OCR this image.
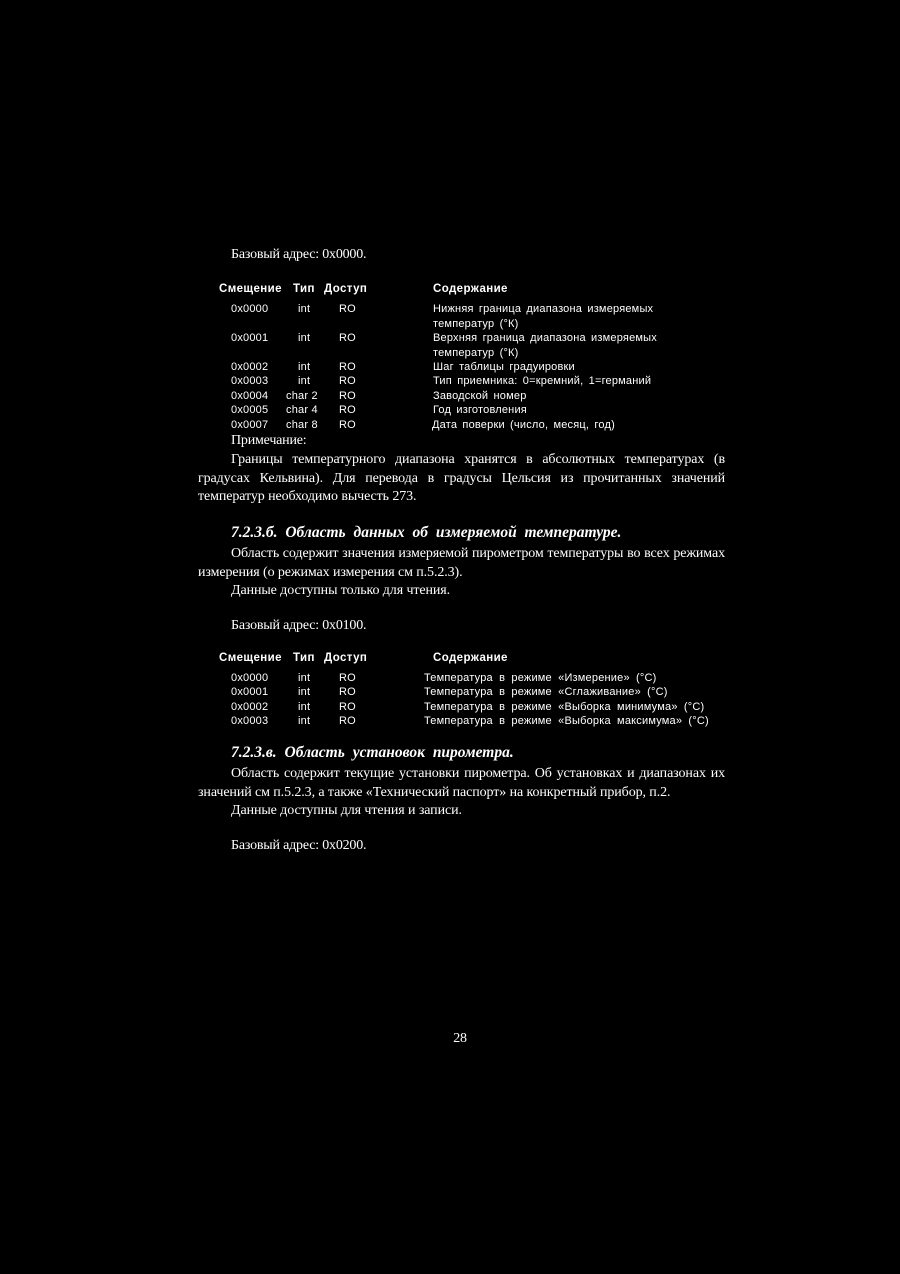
Базовый адрес: 0х0000.
Смещение Тип Доступ	Содержание
0х0000	int	RO	Нижняя граница диапазона измеряемых температур (°К)
0х0001	int	RO	Верхняя граница диапазона измеряемых температур (°К)
0х0002	int	RO	Шаг таблицы градуировки
0х0003	int	RO	Тип приемника: 0=кремний, 1=германий
0х0004 char 2 RO	Заводской номер
0х0005 char 4 RO	Год изготовления
0х0007 char 8 RO	Дата поверки (число, месяц, год)
Примечание:
Границы температурного диапазона хранятся в абсолютных температурах (в градусах Кельвина). Для перевода в градусы Цельсия из прочитанных значений температур необходимо вычесть 273.
7.2.3.б. Область данных об измеряемой температуре.
Область содержит значения измеряемой пирометром температуры во всех режимах измерения (о режимах измерения см п.5.2.3).
Данные доступны только для чтения.
Базовый адрес: 0х0100.
Смещение Тип Доступ	Содержание
0х0000	int	RO	Температура в режиме «Измерение» (°С)
0х0001	int	RO	Температура в режиме «Сглаживание» (°С)
0х0002	int	RO	Температура в режиме «Выборка минимума» (°С)
0х0003	int	RO	Температура в режиме «Выборка максимума» (°С)
7.2.3.в. Область установок пирометра.
Область содержит текущие установки пирометра. Об установках и диапазонах их значений см п.5.2.3, а также «Технический паспорт» на конкретный прибор, п.2.
Данные доступны для чтения и записи.
Базовый адрес: 0х0200.
28
